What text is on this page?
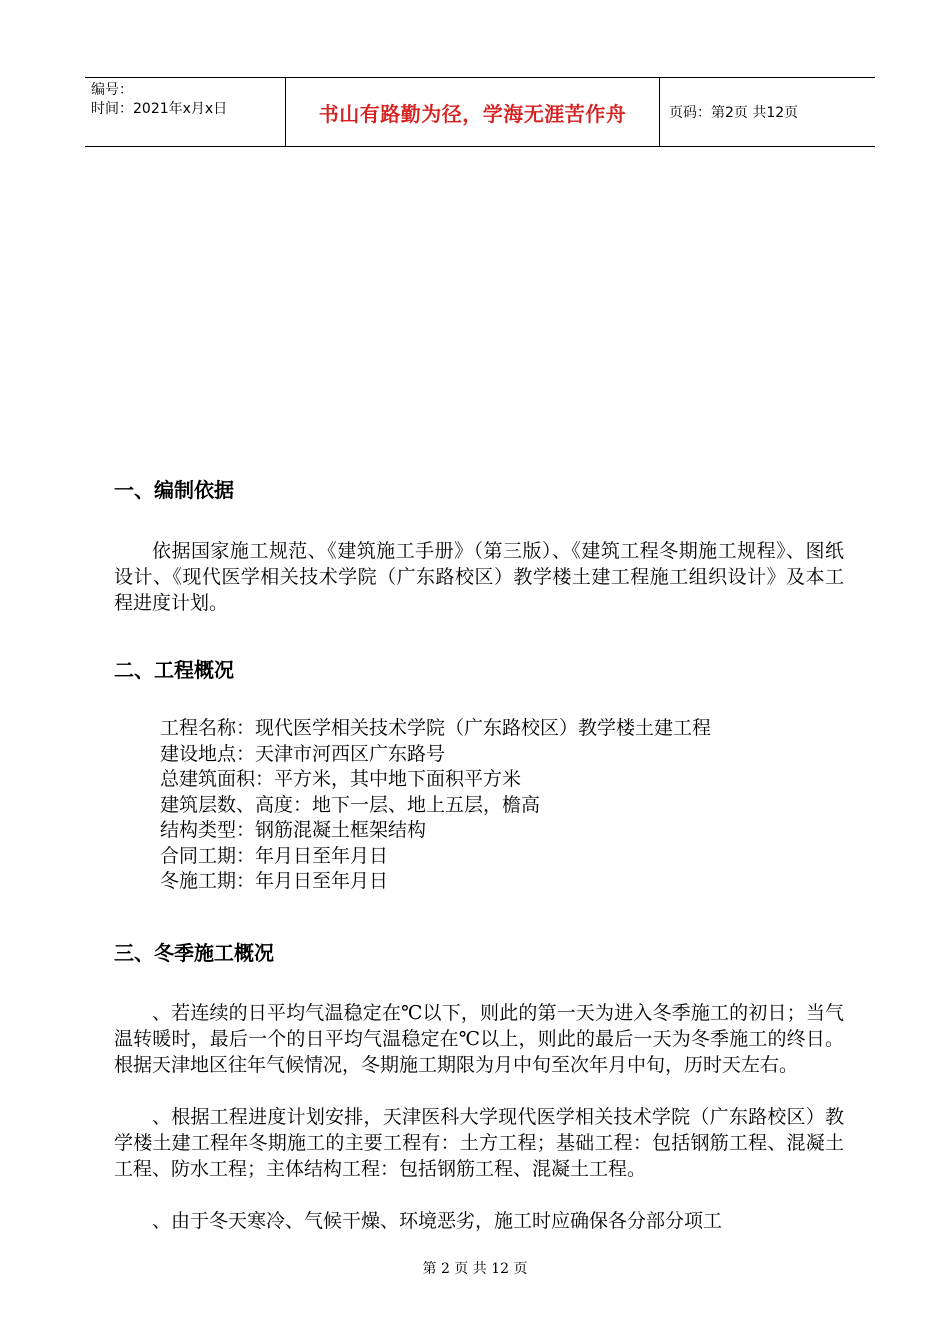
编号：
时间：2021年x月x日	书山有路勤为径，学海无涯苦作舟	页码：第2页 共12页
一、编制依据

依据国家施工规范、《建筑施工手册》（第三版）、《建筑工程冬期施工规程》、图纸设计、《现代医学相关技术学院（广东路校区）教学楼土建工程施工组织设计》及本工程进度计划。

二、工程概况
工程名称：现代医学相关技术学院（广东路校区）教学楼土建工程
建设地点：天津市河西区广东路号
总建筑面积：平方米，其中地下面积平方米
建筑层数、高度：地下一层、地上五层，檐高
结构类型：钢筋混凝土框架结构
合同工期：年月日至年月日
冬施工期：年月日至年月日
三、冬季施工概况

、若连续的日平均气温稳定在℃以下，则此的第一天为进入冬季施工的初日；当气温转暖时，最后一个的日平均气温稳定在℃以上，则此的最后一天为冬季施工的终日。根据天津地区往年气候情况，冬期施工期限为月中旬至次年月中旬，历时天左右。

、根据工程进度计划安排，天津医科大学现代医学相关技术学院（广东路校区）教学楼土建工程年冬期施工的主要工程有：土方工程；基础工程：包括钢筋工程、混凝土工程、防水工程；主体结构工程：包括钢筋工程、混凝土工程。

、由于冬天寒冷、气候干燥、环境恶劣，施工时应确保各分部分项工

第 2 页 共 12 页
